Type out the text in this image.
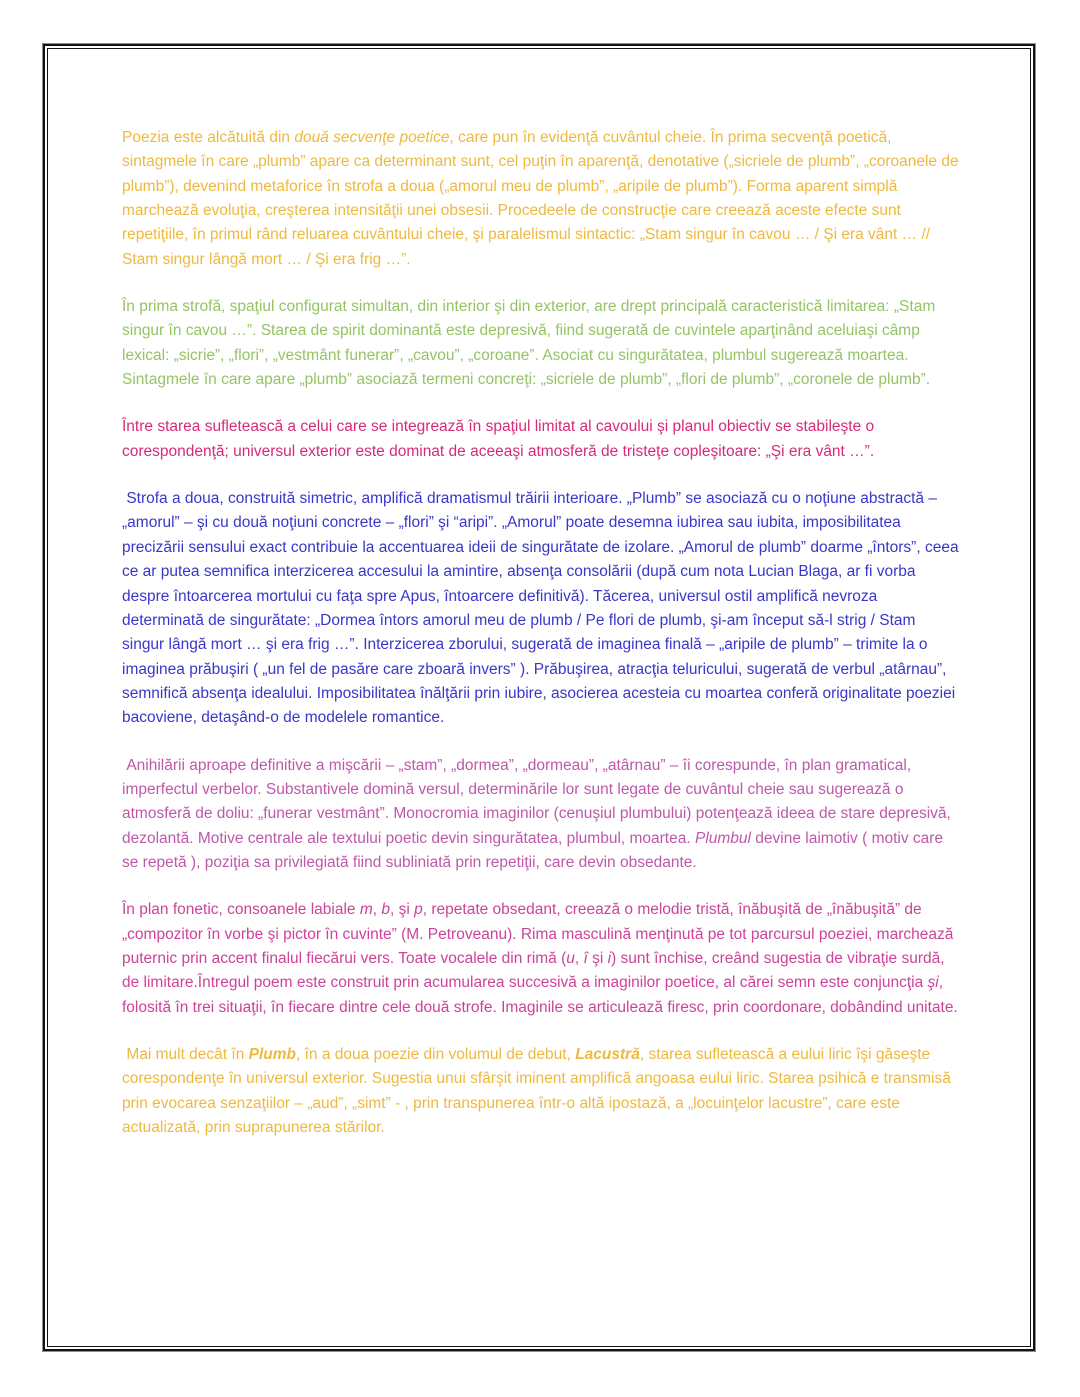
Poezia este alcătuită din două secvenţe poetice, care pun în evidenţă cuvântul cheie. În prima secvenţă poetică, sintagmele în care „plumb” apare ca determinant sunt, cel puţin în aparenţă, denotative („sicriele de plumb”, „coroanele de plumb”), devenind metaforice în strofa a doua („amorul meu de plumb”, „aripile de plumb”). Forma aparent simplă marchează evoluţia, creşterea intensităţii unei obsesii. Procedeele de construcţie care creează aceste efecte sunt repetiţiile, în primul rând reluarea cuvântului cheie, şi paralelismul sintactic: „Stam singur în cavou … / Şi era vânt … // Stam singur lângă mort … / Şi era frig …”.

În prima strofă, spaţiul configurat simultan, din interior şi din exterior, are drept principală caracteristică limitarea: „Stam singur în cavou …”. Starea de spirit dominantă este depresivă, fiind sugerată de cuvintele aparţinând aceluiaşi câmp lexical: „sicrie”, „flori”, „vestmânt funerar”, „cavou”, „coroane”. Asociat cu singurătatea, plumbul sugerează moartea. Sintagmele în care apare „plumb” asociază termeni concreţi: „sicriele de plumb”, „flori de plumb”, „coronele de plumb”.

Între starea sufletească a celui care se integrează în spaţiul limitat al cavoului şi planul obiectiv se stabileşte o corespondenţă; universul exterior este dominat de aceeaşi atmosferă de tristeţe copleşitoare: „Şi era vânt …”.

Strofa a doua, construită simetric, amplifică dramatismul trăirii interioare. „Plumb” se asociază cu o noţiune abstractă – „amorul” – şi cu două noţiuni concrete – „flori” şi “aripi”. „Amorul” poate desemna iubirea sau iubita, imposibilitatea precizării sensului exact contribuie la accentuarea ideii de singurătate de izolare. „Amorul de plumb” doarme „întors”, ceea ce ar putea semnifica interzicerea accesului la amintire, absenţa consolării (după cum nota Lucian Blaga, ar fi vorba despre întoarcerea mortului cu faţa spre Apus, întoarcere definitivă). Tăcerea, universul ostil amplifică nevroza determinată de singurătate: „Dormea întors amorul meu de plumb / Pe flori de plumb, şi-am început să-l strig / Stam singur lângă mort … şi era frig …”. Interzicerea zborului, sugerată de imaginea finală – „aripile de plumb” – trimite la o imaginea prăbuşiri ( „un fel de pasăre care zboară invers” ). Prăbuşirea, atracţia teluricului, sugerată de verbul „atârnau”, semnifică absenţa idealului. Imposibilitatea înălţării prin iubire, asocierea acesteia cu moartea conferă originalitate poeziei bacoviene, detaşând-o de modelele romantice.

Anihilării aproape definitive a mişcării – „stam”, „dormea”, „dormeau”, „atârnau” – îi corespunde, în plan gramatical, imperfectul verbelor. Substantivele domină versul, determinările lor sunt legate de cuvântul cheie sau sugerează o atmosferă de doliu: „funerar vestmânt”. Monocromia imaginilor (cenuşiul plumbului) potenţează ideea de stare depresivă, dezolantă. Motive centrale ale textului poetic devin singurătatea, plumbul, moartea. Plumbul devine laimotiv ( motiv care se repetă ), poziţia sa privilegiată fiind subliniată prin repetiţii, care devin obsedante.

În plan fonetic, consoanele labiale m, b, şi p, repetate obsedant, creează o melodie tristă, înăbuşită de „înăbuşită” de „compozitor în vorbe şi pictor în cuvinte” (M. Petroveanu). Rima masculină menţinută pe tot parcursul poeziei, marchează puternic prin accent finalul fiecărui vers. Toate vocalele din rimă (u, î şi i) sunt închise, creând sugestia de vibraţie surdă, de limitare.Întregul poem este construit prin acumularea succesivă a imaginilor poetice, al cărei semn este conjuncţia şi, folosită în trei situaţii, în fiecare dintre cele două strofe. Imaginile se articulează firesc, prin coordonare, dobândind unitate.

Mai mult decât în Plumb, în a doua poezie din volumul de debut, Lacustră, starea sufletească a eului liric îşi găseşte corespondenţe în universul exterior. Sugestia unui sfârşit iminent amplifică angoasa eului liric. Starea psihică e transmisă prin evocarea senzaţiilor – „aud”, „simt” - , prin transpunerea într-o altă ipostază, a „locuinţelor lacustre”, care este actualizată, prin suprapunerea stărilor.
